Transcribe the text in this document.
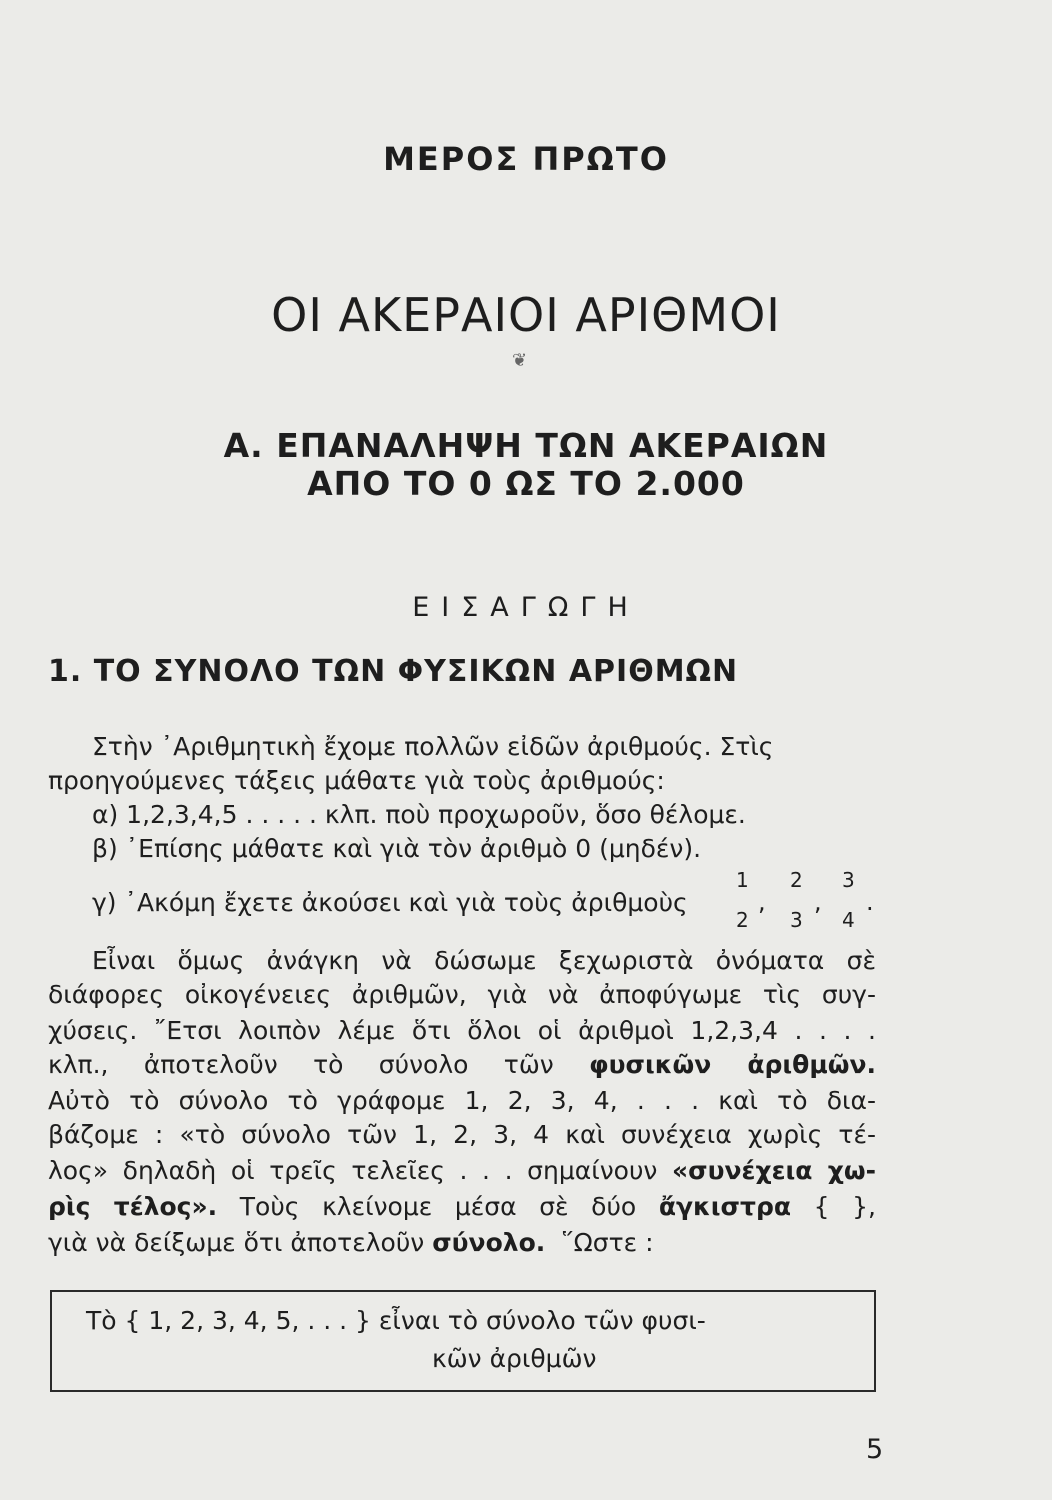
ΜΕΡΟΣ ΠΡΩΤΟ
ΟΙ ΑΚΕΡΑΙΟΙ ΑΡΙΘΜΟΙ
❦
Α. ΕΠΑΝΑΛΗΨΗ ΤΩΝ ΑΚΕΡΑΙΩΝ
ΑΠΟ ΤΟ 0 ΩΣ ΤΟ 2.000
ΕΙΣΑΓΩΓΗ
1. ΤΟ ΣΥΝΟΛΟ ΤΩΝ ΦΥΣΙΚΩΝ ΑΡΙΘΜΩΝ
Στὴν ᾿Αριθμητικὴ ἔχομε πολλῶν εἰδῶν ἀριθμούς. Στὶς
προηγούμενες τάξεις μάθατε γιὰ τοὺς ἀριθμούς:
α) 1,2,3,4,5 . . . . . κλπ. ποὺ προχωροῦν, ὅσο θέλομε.
β) ᾿Επίσης μάθατε καὶ γιὰ τὸν ἀριθμὸ 0 (μηδέν).
γ) ᾿Ακόμη ἔχετε ἀκούσει καὶ γιὰ τοὺς ἀριθμοὺς
1
2
,
2
3
,
3
4
.
Εἶναι ὅμως ἀνάγκη νὰ δώσωμε ξεχωριστὰ ὀνόματα σὲ
διάφορες οἰκογένειες ἀριθμῶν, γιὰ νὰ ἀποφύγωμε τὶς συγ-
χύσεις. ῎Ετσι λοιπὸν λέμε ὅτι ὅλοι οἱ ἀριθμοὶ 1,2,3,4 . . . .
κλπ., ἀποτελοῦν τὸ σύνολο τῶν φυσικῶν ἀριθμῶν.
Αὐτὸ τὸ σύνολο τὸ γράφομε 1, 2, 3, 4, . . . καὶ τὸ δια-
βάζομε : «τὸ σύνολο τῶν 1, 2, 3, 4 καὶ συνέχεια χωρὶς τέ-
λος» δηλαδὴ οἱ τρεῖς τελεῖες . . . σημαίνουν «συνέχεια χω-
ρὶς τέλος». Τοὺς κλείνομε μέσα σὲ δύο ἄγκιστρα { },
γιὰ νὰ δείξωμε ὅτι ἀποτελοῦν σύνολο. ῞Ωστε :
Τὸ { 1, 2, 3, 4, 5, . . . } εἶναι τὸ σύνολο τῶν φυσι-
κῶν ἀριθμῶν
5
